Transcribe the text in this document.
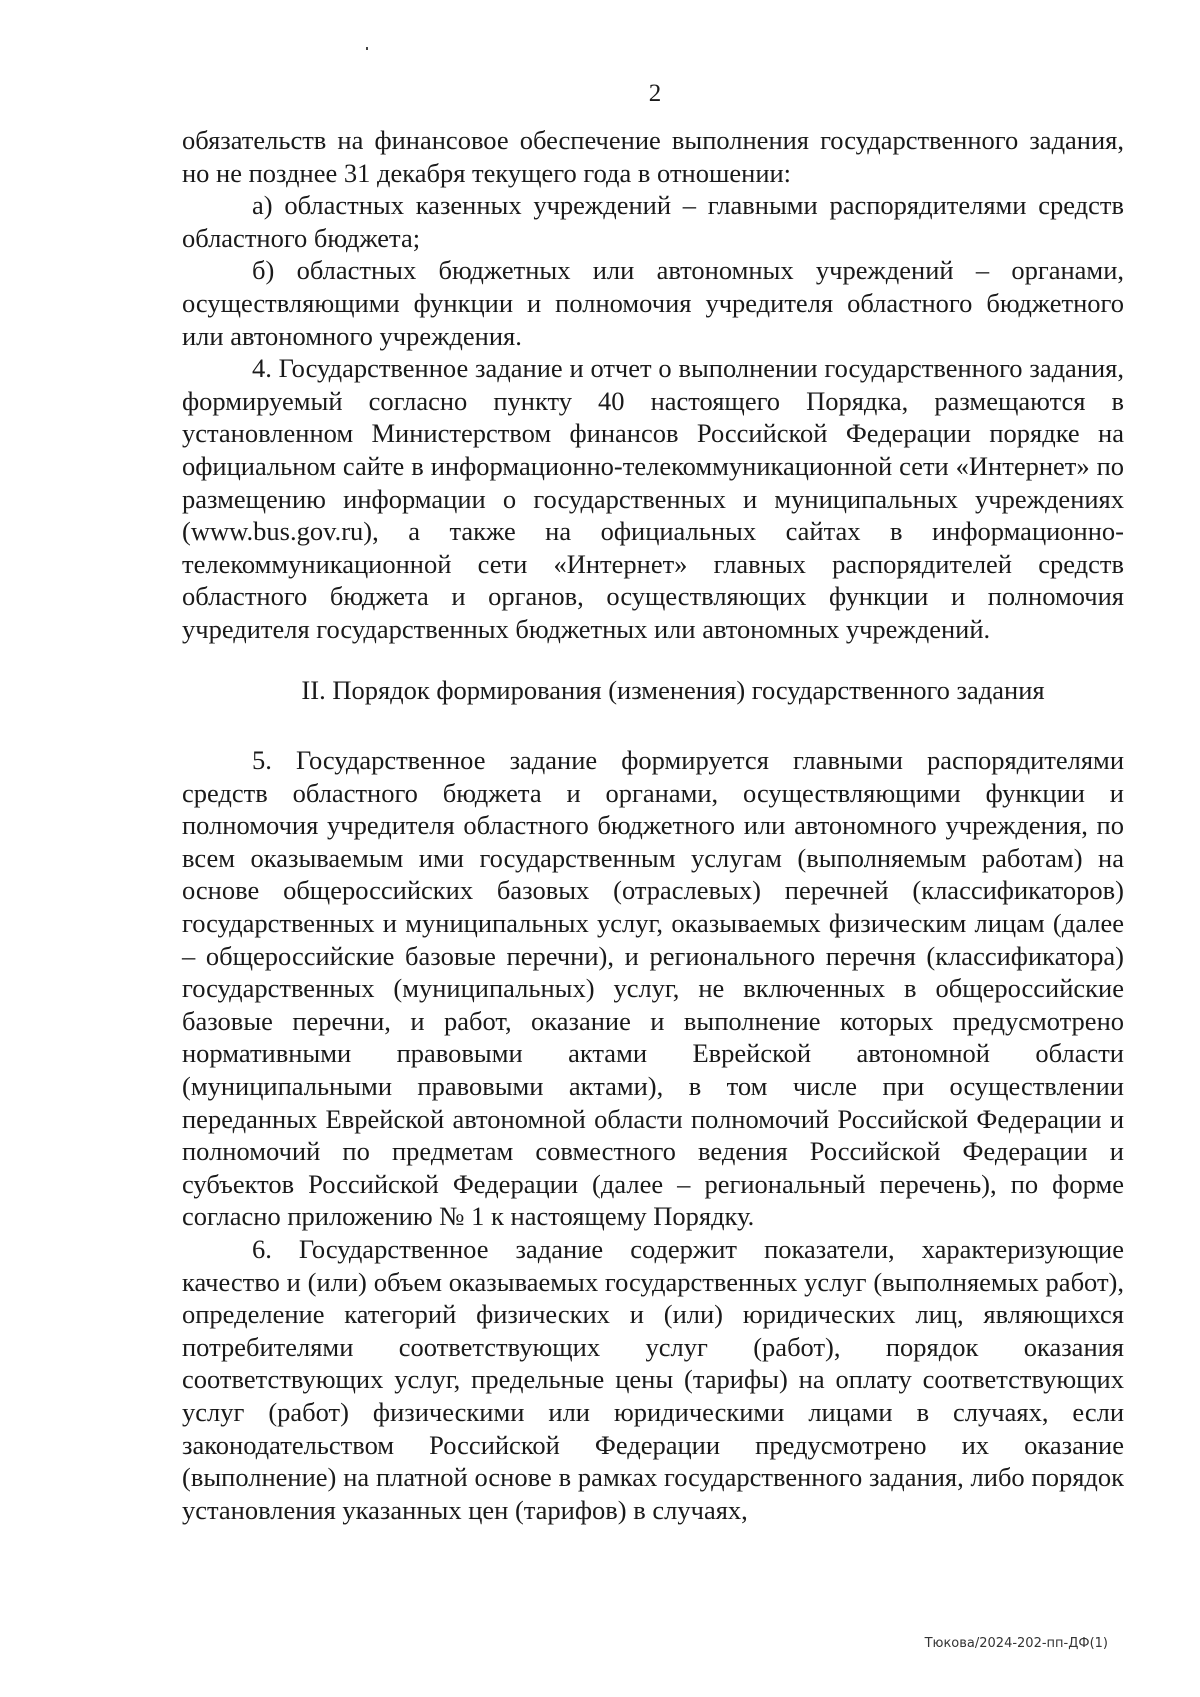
2

обязательств на финансовое обеспечение выполнения государственного задания, но не позднее 31 декабря текущего года в отношении:

а) областных казенных учреждений – главными распорядителями средств областного бюджета;

б) областных бюджетных или автономных учреждений – органами, осуществляющими функции и полномочия учредителя областного бюджетного или автономного учреждения.

4. Государственное задание и отчет о выполнении государственного задания, формируемый согласно пункту 40 настоящего Порядка, размещаются в установленном Министерством финансов Российской Федерации порядке на официальном сайте в информационно-телекоммуникационной сети «Интернет» по размещению информации о государственных и муниципальных учреждениях (www.bus.gov.ru), а также на официальных сайтах в информационно-телекоммуникационной сети «Интернет» главных распорядителей средств областного бюджета и органов, осуществляющих функции и полномочия учредителя государственных бюджетных или автономных учреждений.

II. Порядок формирования (изменения) государственного задания

5. Государственное задание формируется главными распорядителями средств областного бюджета и органами, осуществляющими функции и полномочия учредителя областного бюджетного или автономного учреждения, по всем оказываемым ими государственным услугам (выполняемым работам) на основе общероссийских базовых (отраслевых) перечней (классификаторов) государственных и муниципальных услуг, оказываемых физическим лицам (далее – общероссийские базовые перечни), и регионального перечня (классификатора) государственных (муниципальных) услуг, не включенных в общероссийские базовые перечни, и работ, оказание и выполнение которых предусмотрено нормативными правовыми актами Еврейской автономной области (муниципальными правовыми актами), в том числе при осуществлении переданных Еврейской автономной области полномочий Российской Федерации и полномочий по предметам совместного ведения Российской Федерации и субъектов Российской Федерации (далее – региональный перечень), по форме согласно приложению № 1 к настоящему Порядку.

6. Государственное задание содержит показатели, характеризующие качество и (или) объем оказываемых государственных услуг (выполняемых работ), определение категорий физических и (или) юридических лиц, являющихся потребителями соответствующих услуг (работ), порядок оказания соответствующих услуг, предельные цены (тарифы) на оплату соответствующих услуг (работ) физическими или юридическими лицами в случаях, если законодательством Российской Федерации предусмотрено их оказание (выполнение) на платной основе в рамках государственного задания, либо порядок установления указанных цен (тарифов) в случаях,

Тюкова/2024-202-пп-ДФ(1)
